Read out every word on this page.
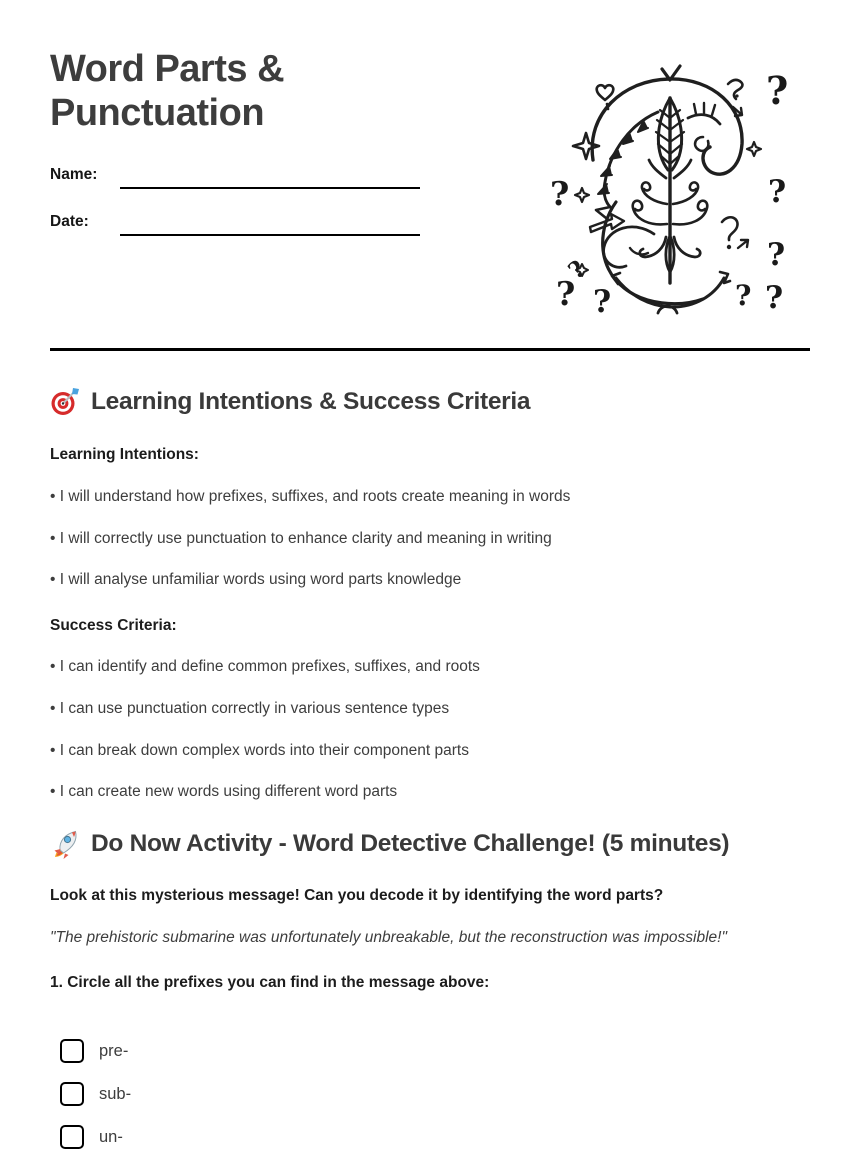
Word Parts &
Punctuation
Name:
Date:
?
?
?
? ?
?
? ?
?
Learning Intentions & Success Criteria
Learning Intentions:
• I will understand how prefixes, suffixes, and roots create meaning in words
• I will correctly use punctuation to enhance clarity and meaning in writing
• I will analyse unfamiliar words using word parts knowledge
Success Criteria:
• I can identify and define common prefixes, suffixes, and roots
• I can use punctuation correctly in various sentence types
• I can break down complex words into their component parts
• I can create new words using different word parts
Do Now Activity - Word Detective Challenge! (5 minutes)
Look at this mysterious message! Can you decode it by identifying the word parts?
"The prehistoric submarine was unfortunately unbreakable, but the reconstruction was impossible!"
1. Circle all the prefixes you can find in the message above:
pre-
sub-
un-
